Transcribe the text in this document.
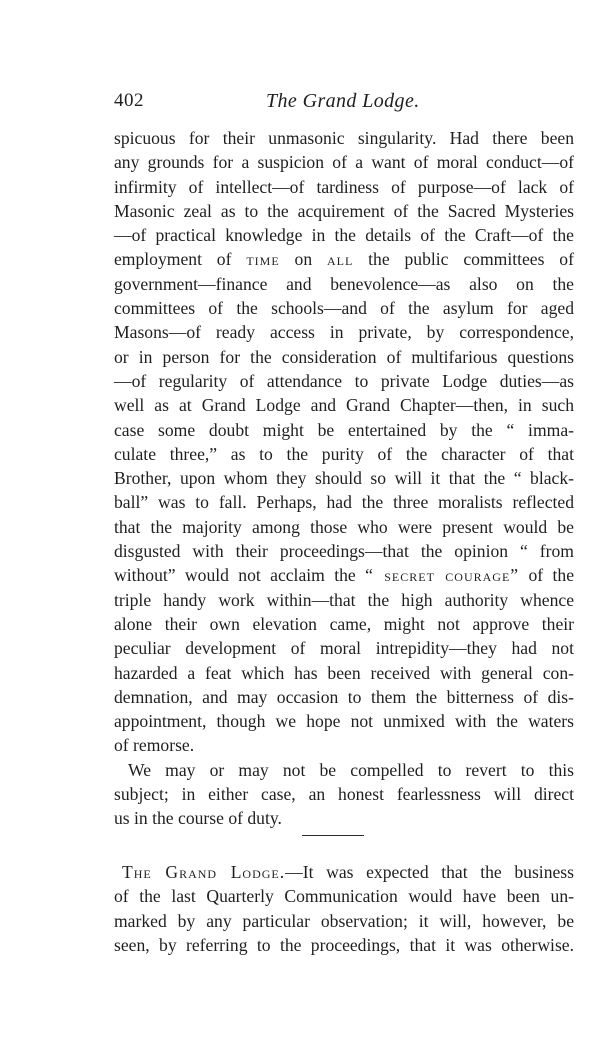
402	The Grand Lodge.
spicuous for their unmasonic singularity. Had there been
any grounds for a suspicion of a want of moral conduct—of
infirmity of intellect—of tardiness of purpose—of lack of
Masonic zeal as to the acquirement of the Sacred Mysteries
—of practical knowledge in the details of the Craft—of the
employment of time on all the public committees of
government—finance and benevolence—as also on the
committees of the schools—and of the asylum for aged
Masons—of ready access in private, by correspondence,
or in person for the consideration of multifarious questions
—of regularity of attendance to private Lodge duties—as
well as at Grand Lodge and Grand Chapter—then, in such
case some doubt might be entertained by the “ imma-
culate three,” as to the purity of the character of that
Brother, upon whom they should so will it that the “ black-
ball” was to fall. Perhaps, had the three moralists reflected
that the majority among those who were present would be
disgusted with their proceedings—that the opinion “ from
without” would not acclaim the “ secret courage” of the
triple handy work within—that the high authority whence
alone their own elevation came, might not approve their
peculiar development of moral intrepidity—they had not
hazarded a feat which has been received with general con-
demnation, and may occasion to them the bitterness of dis-
appointment, though we hope not unmixed with the waters
of remorse.
We may or may not be compelled to revert to this
subject; in either case, an honest fearlessness will direct
us in the course of duty.
The Grand Lodge.—It was expected that the business
of the last Quarterly Communication would have been un-
marked by any particular observation; it will, however, be
seen, by referring to the proceedings, that it was otherwise.
